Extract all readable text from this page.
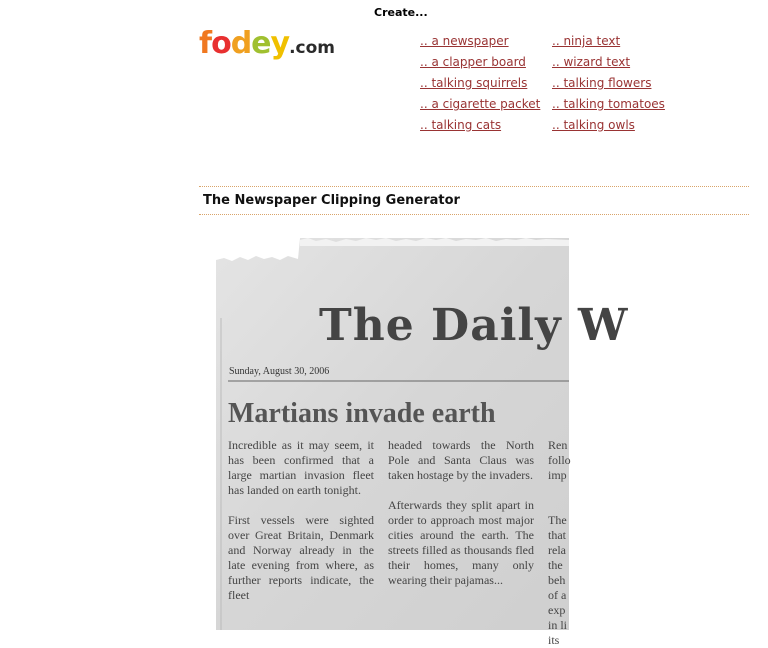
Create...
fodey.com	.. a newspaper
.. a clapper board
.. talking squirrels
.. a cigarette packet
.. talking cats
.. ninja text
.. wizard text
.. talking flowers
.. talking tomatoes
.. talking owls
The Newspaper Clipping Generator
The Daily W
Sunday, August 30, 2006
Martians invade earth

Incredible as it may seem, it has been confirmed that a large martian invasion fleet has landed on earth tonight.

First vessels were sighted over Great Britain, Denmark and Norway already in the late evening from where, as further reports indicate, the fleet

headed towards the North Pole and Santa Claus was taken hostage by the invaders.

Afterwards they split apart in order to approach most major cities around the earth. The streets filled as thousands fled their homes, many only wearing their pajamas...

Ren
follo
imp
The
that
rela
the
beh
of a
exp
in li
its
